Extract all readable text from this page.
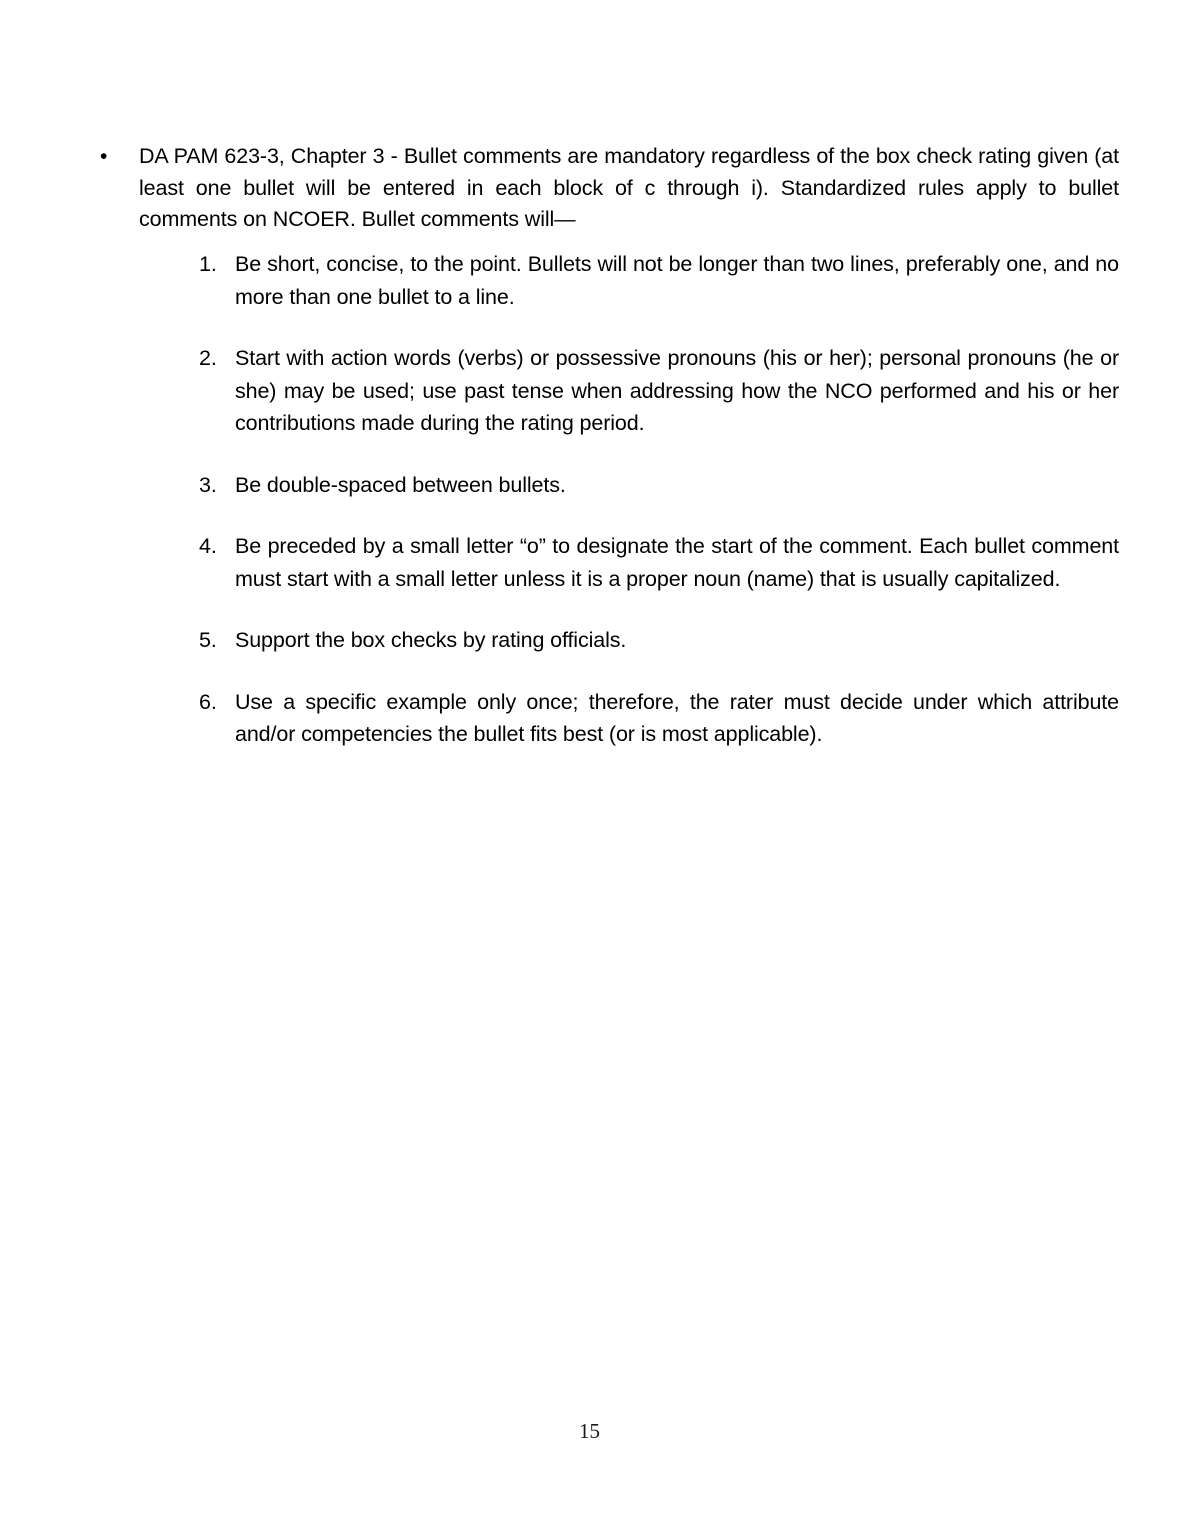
•	DA PAM 623-3, Chapter 3 - Bullet comments are mandatory regardless of the box check rating given (at least one bullet will be entered in each block of c through i). Standardized rules apply to bullet comments on NCOER. Bullet comments will—
1. Be short, concise, to the point. Bullets will not be longer than two lines, preferably one, and no more than one bullet to a line.
2. Start with action words (verbs) or possessive pronouns (his or her); personal pronouns (he or she) may be used; use past tense when addressing how the NCO performed and his or her contributions made during the rating period.
3. Be double-spaced between bullets.
4. Be preceded by a small letter “o” to designate the start of the comment. Each bullet comment must start with a small letter unless it is a proper noun (name) that is usually capitalized.
5. Support the box checks by rating officials.
6. Use a specific example only once; therefore, the rater must decide under which attribute and/or competencies the bullet fits best (or is most applicable).
15
